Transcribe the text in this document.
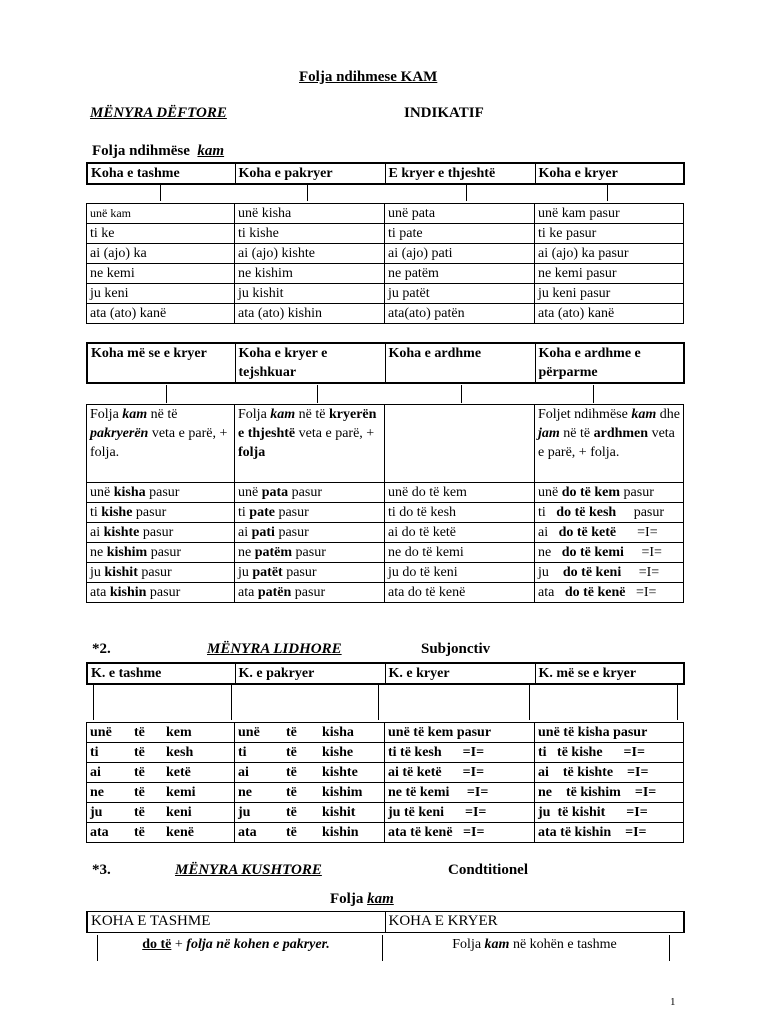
Folja ndihmese KAM
MËNYRA DËFTORE	INDIKATIF
Folja ndihmëse kam
Koha e tashme	Koha e pakryer	E kryer e thjeshtë	Koha e kryer
unë kam	unë kisha	unë pata	unë kam pasur
ti ke	ti kishe	ti pate	ti ke pasur
ai (ajo) ka	ai (ajo) kishte	ai (ajo) pati	ai (ajo) ka pasur
ne kemi	ne kishim	ne patëm	ne kemi pasur
ju keni	ju kishit	ju patët	ju keni pasur
ata (ato) kanë	ata (ato) kishin	ata(ato) patën	ata (ato) kanë
Koha më se e kryer	Koha e kryer e tejshkuar	Koha e ardhme	Koha e ardhme e përparme
Folja kam në të pakryerën veta e parë, + folja.	Folja kam në të kryerën e thjeshtë veta e parë, + folja		Foljet ndihmëse kam dhe jam në të ardhmen veta e parë, + folja.
unë kisha pasur	unë pata pasur	unë do të kem	unë do të kem pasur
ti kishe pasur	ti pate pasur	ti do të kesh	ti   do të kesh     pasur
ai kishte pasur	ai pati pasur	ai do të ketë	ai   do të ketë      =I=
ne kishim pasur	ne patëm pasur	ne do të kemi	ne   do të kemi     =I=
ju kishit pasur	ju patët pasur	ju do të keni	ju    do të keni     =I=
ata kishin pasur	ata patën pasur	ata do të kenë	ata   do të kenë   =I=
*2.	MËNYRA LIDHORE	Subjonctiv
K. e tashme	K. e pakryer	K. e kryer	K. më se e kryer
unë të kem	unë të kisha	unë të kem pasur	unë të kisha pasur
ti të kesh	ti të kishe	ti të kesh      =I=	ti   të kishe      =I=
ai të ketë	ai të kishte	ai të ketë      =I=	ai    të kishte    =I=
ne të kemi	ne të kishim	ne të kemi     =I=	ne    të kishim    =I=
ju të keni	ju të kishit	ju të keni      =I=	ju  të kishit      =I=
ata të kenë	ata të kishin	ata të kenë   =I=	ata të kishin    =I=
*3.	MËNYRA KUSHTORE	Condtitionel
Folja kam
KOHA E TASHME	KOHA E KRYER
do të + folja në kohen e pakryer.	Folja kam në kohën e tashme
1
